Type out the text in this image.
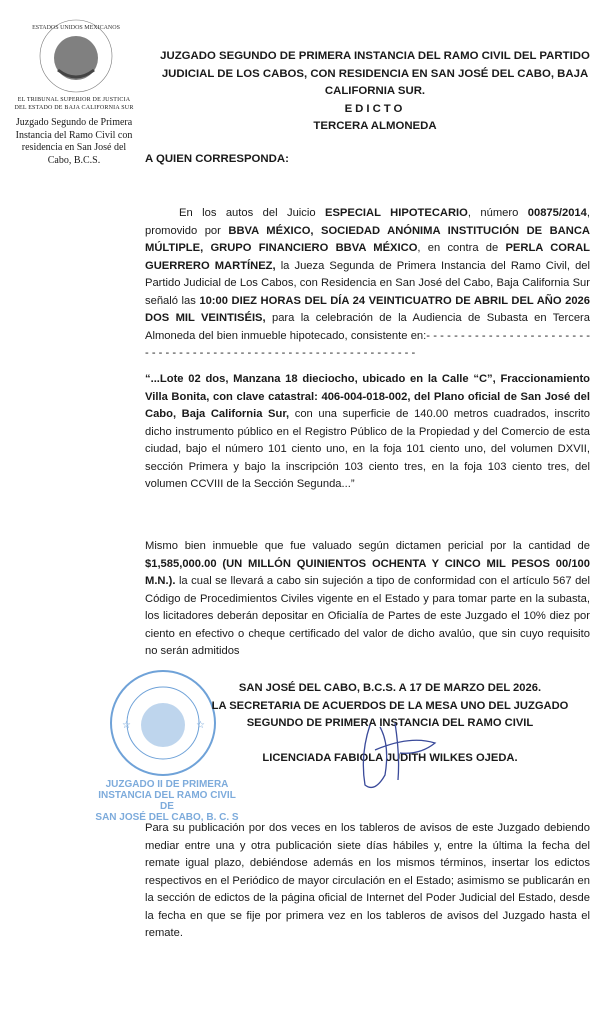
ESTADOS UNIDOS MEXICANOS
EL TRIBUNAL SUPERIOR DE JUSTICIA
DEL ESTADO DE BAJA CALIFORNIA SUR
Juzgado Segundo de Primera
Instancia del Ramo Civil con
residencia en San José del
Cabo, B.C.S.
JUZGADO SEGUNDO DE PRIMERA INSTANCIA DEL RAMO CIVIL DEL PARTIDO
JUDICIAL DE LOS CABOS, CON RESIDENCIA EN SAN JOSÉ DEL CABO, BAJA
CALIFORNIA SUR.
EDICTO
TERCERA ALMONEDA
A QUIEN CORRESPONDA:
En los autos del Juicio ESPECIAL HIPOTECARIO, número 00875/2014, promovido por BBVA MÉXICO, SOCIEDAD ANÓNIMA INSTITUCIÓN DE BANCA MÚLTIPLE, GRUPO FINANCIERO BBVA MÉXICO, en contra de PERLA CORAL GUERRERO MARTÍNEZ, la Jueza Segunda de Primera Instancia del Ramo Civil, del Partido Judicial de Los Cabos, con Residencia en San José del Cabo, Baja California Sur señaló las 10:00 DIEZ HORAS DEL DÍA 24 VEINTICUATRO DE ABRIL DEL AÑO 2026 DOS MIL VEINTISÉIS, para la celebración de la Audiencia de Subasta en Tercera Almoneda del bien inmueble hipotecado, consistente en:- - - - - - - - - - - - - - - - - - - - - - - - - - - - - - - - - - - - - - - - - - - - - - - - - - - - - - - - - - - - - - - -
“...Lote 02 dos, Manzana 18 dieciocho, ubicado en la Calle “C”, Fraccionamiento Villa Bonita, con clave catastral: 406-004-018-002, del Plano oficial de San José del Cabo, Baja California Sur, con una superficie de 140.00 metros cuadrados, inscrito dicho instrumento público en el Registro Público de la Propiedad y del Comercio de esta ciudad, bajo el número 101 ciento uno, en la foja 101 ciento uno, del volumen DXVII, sección Primera y bajo la inscripción 103 ciento tres, en la foja 103 ciento tres, del volumen CCVIII de la Sección Segunda...”
Mismo bien inmueble que fue valuado según dictamen pericial por la cantidad de $1,585,000.00 (UN MILLÓN QUINIENTOS OCHENTA Y CINCO MIL PESOS 00/100 M.N.). la cual se llevará a cabo sin sujeción a tipo de conformidad con el artículo 567 del Código de Procedimientos Civiles vigente en el Estado y para tomar parte en la subasta, los licitadores deberán depositar en Oficialía de Partes de este Juzgado el 10% diez por ciento en efectivo o cheque certificado del valor de dicho avalúo, que sin cuyo requisito no serán admitidos
☆	☆
JUZGADO II DE PRIMERA
INSTANCIA DEL RAMO CIVIL DE
SAN JOSÉ DEL CABO, B. C. S
SAN JOSÉ DEL CABO, B.C.S. A 17 DE MARZO DEL 2026.
LA SECRETARIA DE ACUERDOS DE LA MESA UNO DEL JUZGADO
SEGUNDO DE PRIMERA INSTANCIA DEL RAMO CIVIL
LICENCIADA FABIOLA JUDITH WILKES OJEDA.
Para su publicación por dos veces en los tableros de avisos de este Juzgado debiendo mediar entre una y otra publicación siete días hábiles y, entre la última la fecha del remate igual plazo, debiéndose además en los mismos términos, insertar los edictos respectivos en el Periódico de mayor circulación en el Estado; asimismo se publicarán en la sección de edictos de la página oficial de Internet del Poder Judicial del Estado, desde la fecha en que se fije por primera vez en los tableros de avisos del Juzgado hasta el remate.
